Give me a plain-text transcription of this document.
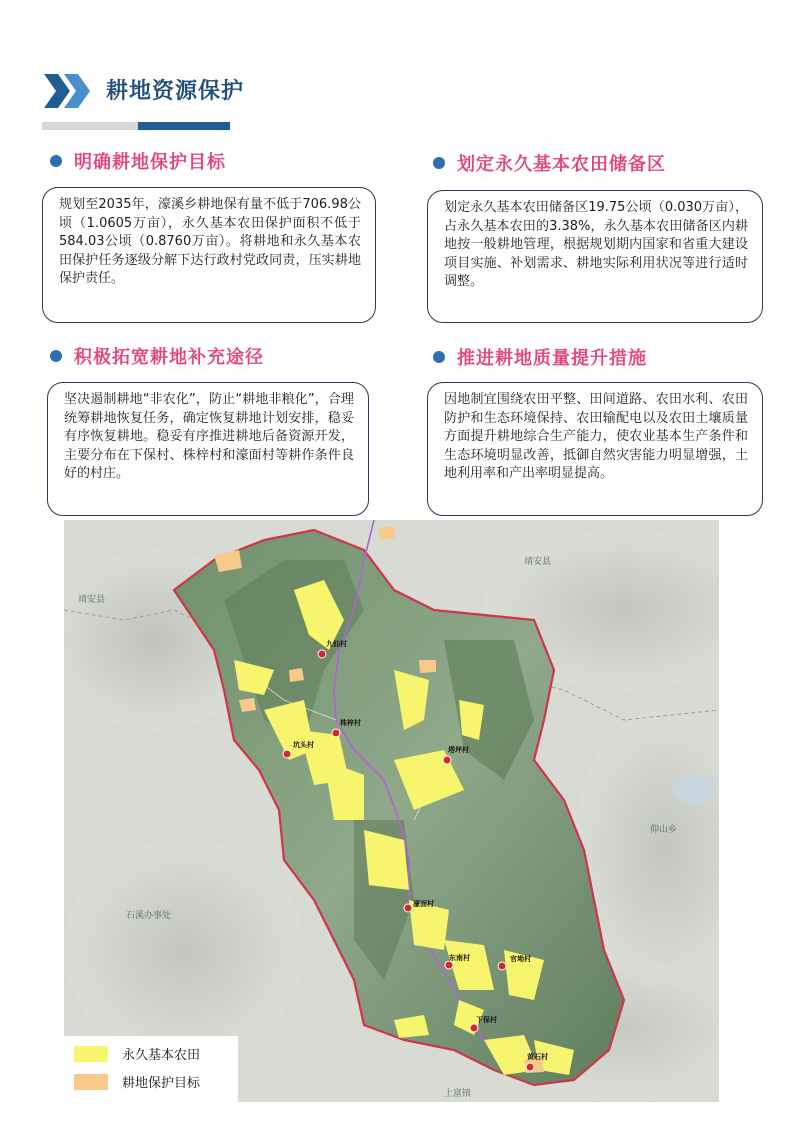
耕地资源保护
明确耕地保护目标
规划至2035年，濠溪乡耕地保有量不低于706.98公顷（1.0605万亩），永久基本农田保护面积不低于584.03公顷（0.8760万亩）。将耕地和永久基本农田保护任务逐级分解下达行政村党政同责，压实耕地保护责任。
划定永久基本农田储备区
划定永久基本农田储备区19.75公顷（0.030万亩），占永久基本农田的3.38%，永久基本农田储备区内耕地按一般耕地管理，根据规划期内国家和省重大建设项目实施、补划需求、耕地实际利用状况等进行适时调整。
积极拓宽耕地补充途径
坚决遏制耕地“非农化”，防止“耕地非粮化”，合理统筹耕地恢复任务，确定恢复耕地计划安排，稳妥有序恢复耕地。稳妥有序推进耕地后备资源开发，主要分布在下保村、株梓村和濠面村等耕作条件良好的村庄。
推进耕地质量提升措施
因地制宜围绕农田平整、田间道路、农田水利、农田防护和生态环境保持、农田输配电以及农田土壤质量方面提升耕地综合生产能力，使农业基本生产条件和生态环境明显改善，抵御自然灾害能力明显增强，土地利用率和产出率明显提高。
靖安县
靖安县
仰山乡
石溪办事处
上富镇
九仙村
株梓村
坑头村
塔坪村
濠面村
东南村	官坳村
下保村
黄石村
永久基本农田
耕地保护目标
